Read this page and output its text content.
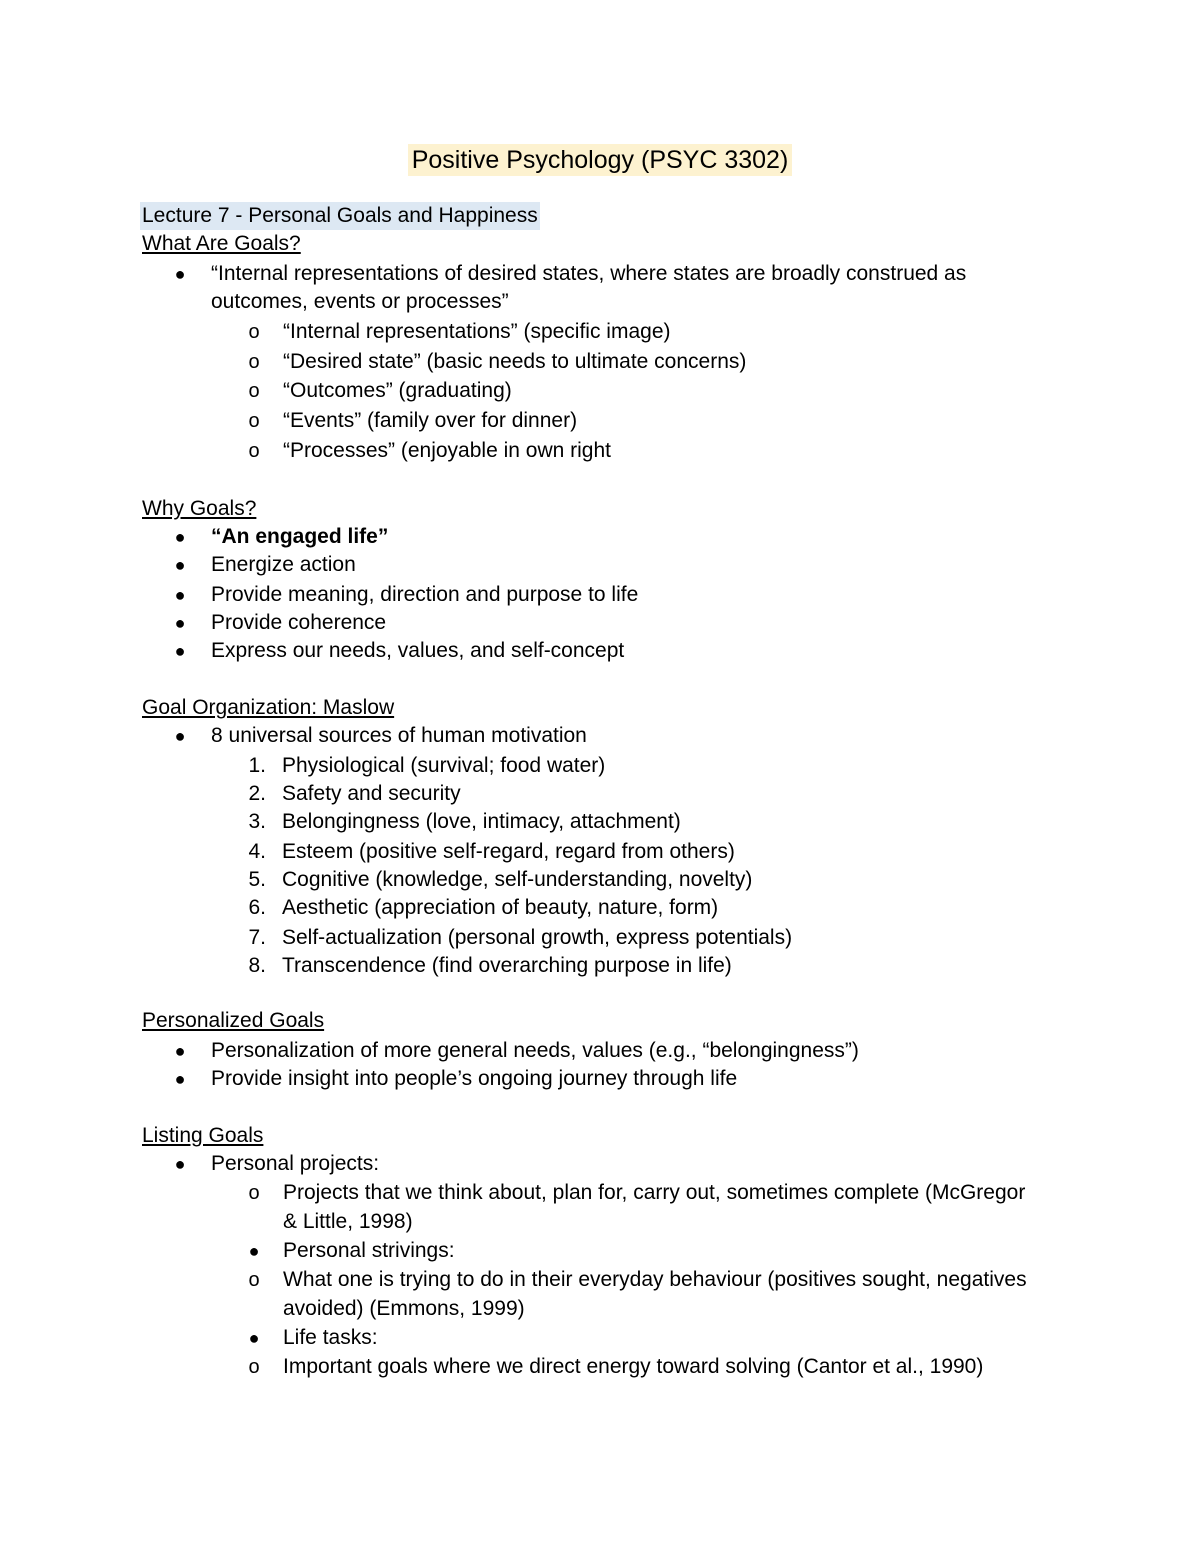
Positive Psychology (PSYC 3302)
Lecture 7 - Personal Goals and Happiness
What Are Goals?
● “Internal representations of desired states, where states are broadly construed as
outcomes, events or processes”
o “Internal representations” (specific image)
o “Desired state” (basic needs to ultimate concerns)
o “Outcomes” (graduating)
o “Events” (family over for dinner)
o “Processes” (enjoyable in own right
Why Goals?
● “An engaged life”
● Energize action
● Provide meaning, direction and purpose to life
● Provide coherence
● Express our needs, values, and self-concept
Goal Organization: Maslow
● 8 universal sources of human motivation
1. Physiological (survival; food water)
2. Safety and security
3. Belongingness (love, intimacy, attachment)
4. Esteem (positive self-regard, regard from others)
5. Cognitive (knowledge, self-understanding, novelty)
6. Aesthetic (appreciation of beauty, nature, form)
7. Self-actualization (personal growth, express potentials)
8. Transcendence (find overarching purpose in life)
Personalized Goals
● Personalization of more general needs, values (e.g., “belongingness”)
● Provide insight into people’s ongoing journey through life
Listing Goals
● Personal projects:
o Projects that we think about, plan for, carry out, sometimes complete (McGregor
& Little, 1998)
● Personal strivings:
o What one is trying to do in their everyday behaviour (positives sought, negatives
avoided) (Emmons, 1999)
● Life tasks:
o Important goals where we direct energy toward solving (Cantor et al., 1990)
